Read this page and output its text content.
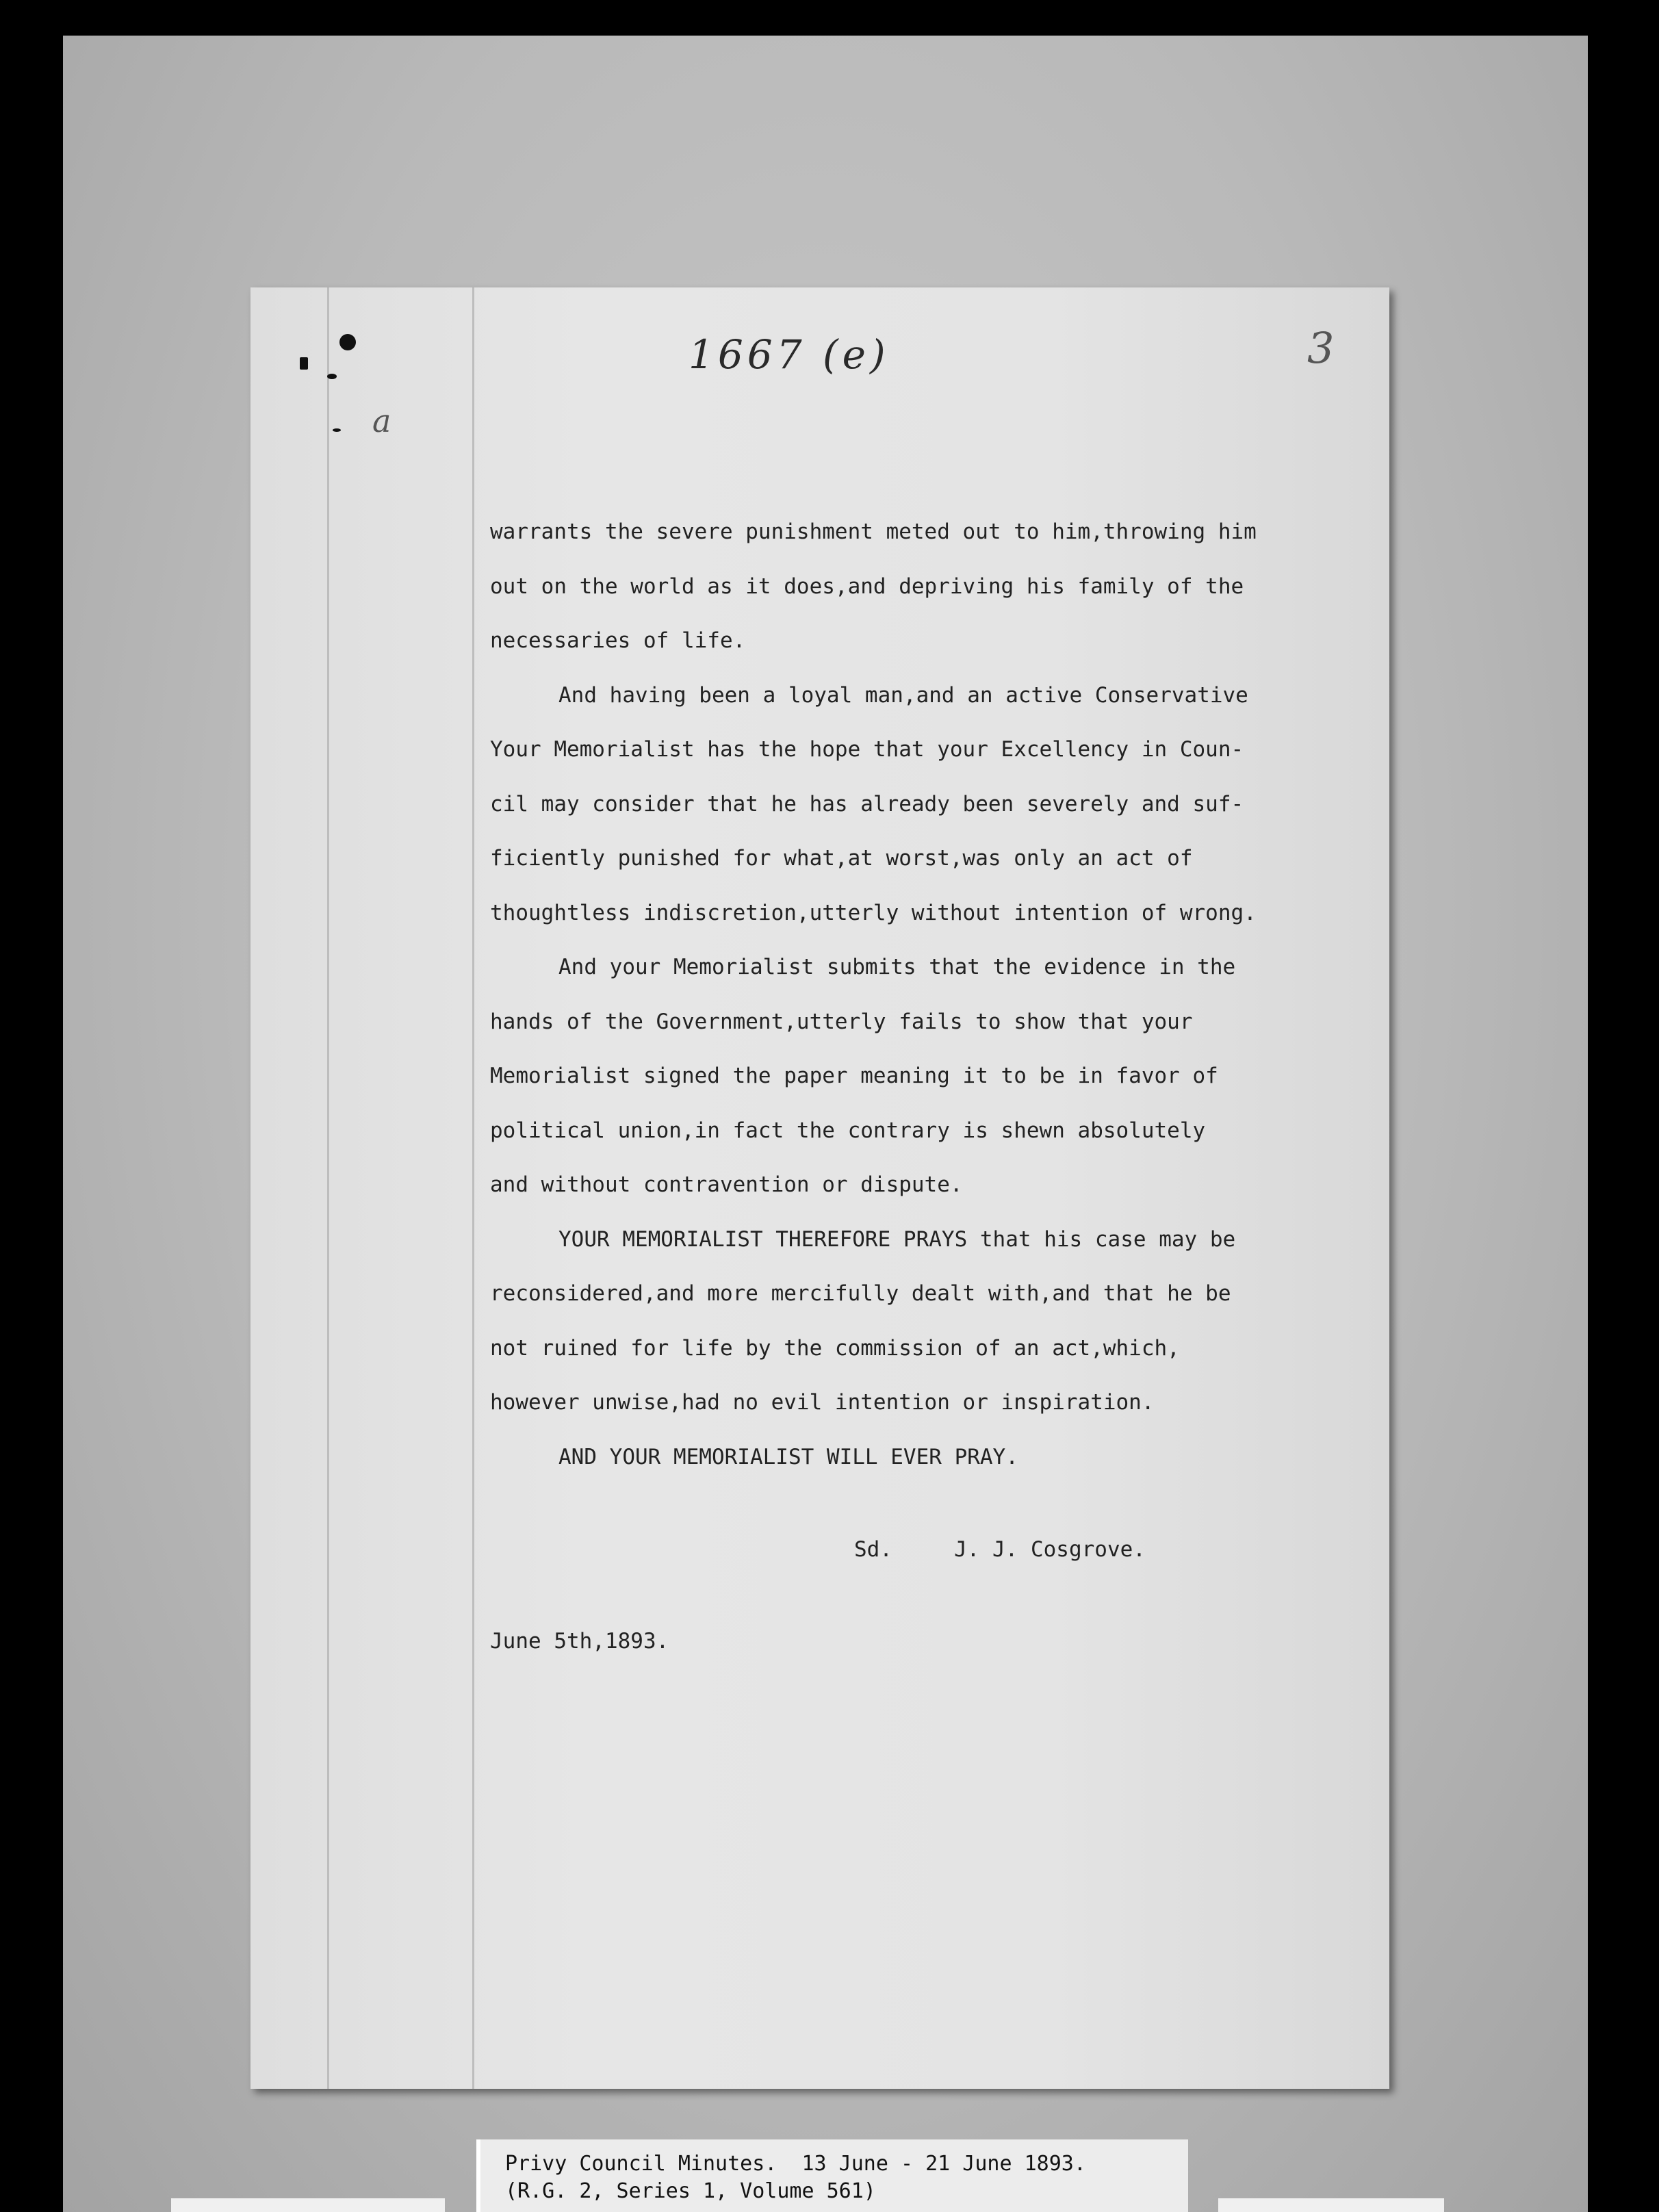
a
1667 (e)	3
warrants the severe punishment meted out to him,throwing him
out on the world as it does,and depriving his family of the
necessaries of life.
And having been a loyal man,and an active Conservative
Your Memorialist has the hope that your Excellency in Coun-
cil may consider that he has already been severely and suf-
ficiently punished for what,at worst,was only an act of
thoughtless indiscretion,utterly without intention of wrong.
And your Memorialist submits that the evidence in the
hands of the Government,utterly fails to show that your
Memorialist signed the paper meaning it to be in favor of
political union,in fact the contrary is shewn absolutely
and without contravention or dispute.
YOUR MEMORIALIST THEREFORE PRAYS that his case may be
reconsidered,and more mercifully dealt with,and that he be
not ruined for life by the commission of an act,which,
however unwise,had no evil intention or inspiration.
AND YOUR MEMORIALIST WILL EVER PRAY.

Sd.	J. J. Cosgrove.

June 5th,1893.
Privy Council Minutes.  13 June - 21 June 1893.
(R.G. 2, Series 1, Volume 561)
